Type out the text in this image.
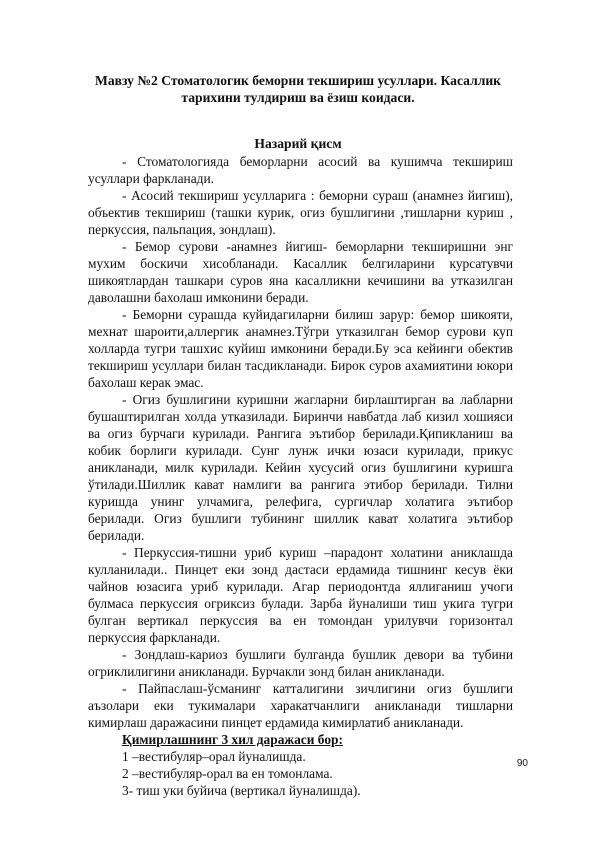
Мавзу №2 Стоматологик беморни текшириш усуллари. Касаллик тарихини тулдириш ва ёзиш коидаси.
Назарий қисм

- Стоматологияда беморларни асосий ва кушимча текшириш усуллари фаркланади.

- Асосий текшириш усулларига : беморни сураш (анамнез йигиш), объектив текшириш (ташки курик, огиз бушлигини ,тишларни куриш , перкуссия, пальпация, зондлаш).

- Бемор сурови -анамнез йигиш- беморларни текширишни энг мухим боскичи хисобланади. Касаллик белгиларини курсатувчи шикоятлардан ташкари суров яна касалликни кечишини ва утказилган даволашни бахолаш имконини беради.

- Беморни сурашда куйидагиларни билиш зарур: бемор шикояти, мехнат шароити,аллергик анамнез.Тўгри утказилган бемор сурови куп холларда тугри ташхис куйиш имконини беради.Бу эса кейинги обектив текшириш усуллари билан тасдикланади. Бирок суров ахамиятини юкори бахолаш керак эмас.

- Огиз бушлигини куришни жагларни бирлаштирган ва лабларни бушаштирилган холда утказилади. Биринчи навбатда лаб кизил хошияси ва огиз бурчаги курилади. Рангига эътибор берилади.Қипикланиш ва кобик борлиги курилади. Сунг лунж ички юзаси курилади, прикус аникланади, милк курилади. Кейин хусусий огиз бушлигини куришга ўтилади.Шиллик кават намлиги ва рангига этибор берилади. Тилни куришда унинг улчамига, релефига, сургичлар холатига эътибор берилади. Огиз бушлиги тубининг шиллик кават холатига эътибор берилади.

- Перкуссия-тишни уриб куриш –парадонт холатини аниклашда кулланилади.. Пинцет еки зонд дастаси ердамида тишнинг кесув ёки чайнов юзасига уриб курилади. Агар периодонтда яллиганиш учоги булмаса перкуссия огриксиз булади. Зарба йуналиши тиш укига тугри булган вертикал перкуссия ва ен томондан урилувчи горизонтал перкуссия фаркланади.

- Зондлаш-кариоз бушлиги булганда бушлик девори ва тубини огриклилигини аникланади. Бурчакли зонд билан аникланади.

- Пайпаслаш-ўсманинг катталигини зичлигини огиз бушлиги аъзолари еки тукималари харакатчанлиги аникланади тишларни кимирлаш даражасини пинцет ердамида кимирлатиб аникланади.

Қимирлашнинг 3 хил даражаси бор:

1 –вестибуляр–орал йуналишда.

2 –вестибуляр-орал ва ен томонлама.

3- тиш уки буйича (вертикал йуналишда).

90
